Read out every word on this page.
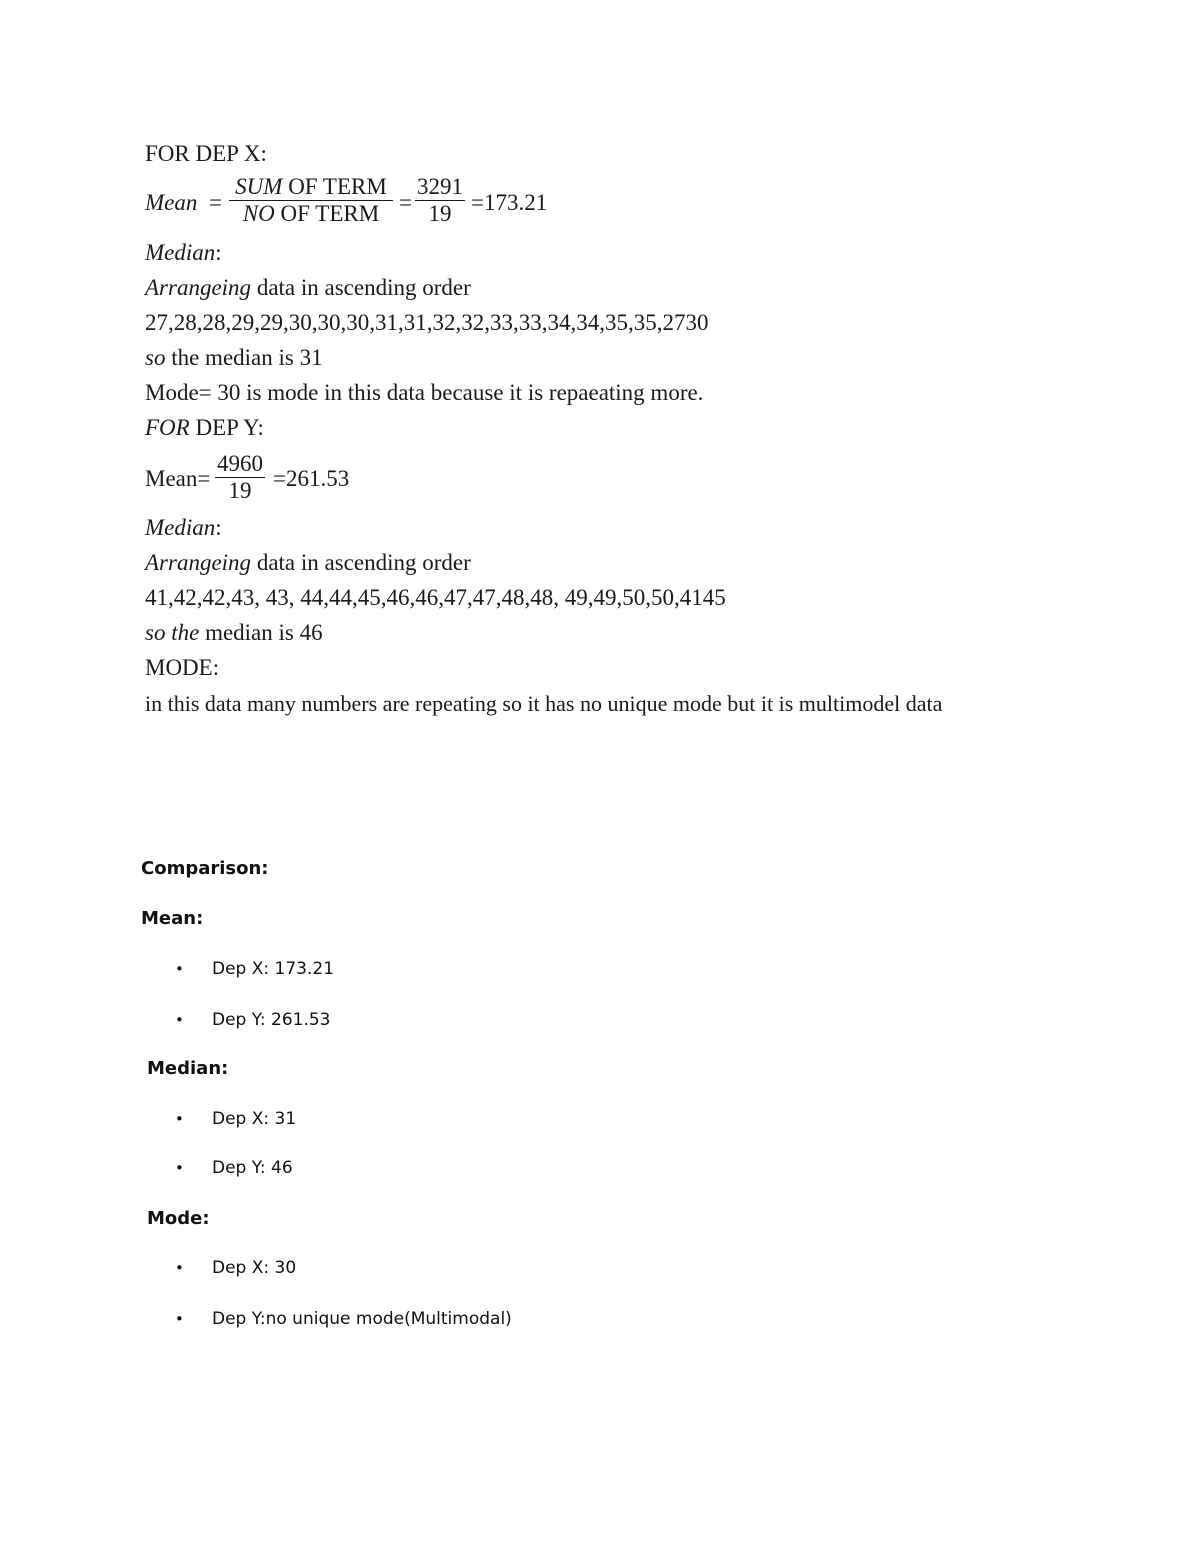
FOR DEP X:
Mean =
SUM OF TERM
NO OF TERM =
3291
19 =173.21
Median:
Arrangeing data in ascending order
27,28,28,29,29,30,30,30,31,31,32,32,33,33,34,34,35,35,2730
so the median is 31
Mode= 30 is mode in this data because it is repaeating more.
FOR DEP Y:
Mean=
4960
19 =261.53
Median:
Arrangeing data in ascending order
41,42,42,43, 43, 44,44,45,46,46,47,47,48,48, 49,49,50,50,4145
so the median is 46
MODE:
in this data many numbers are repeating so it has no unique mode but it is multimodel data
Comparison:
Mean:
• Dep X: 173.21
• Dep Y: 261.53
Median:
• Dep X: 31
• Dep Y: 46
Mode:
• Dep X: 30
• Dep Y:no unique mode(Multimodal)
